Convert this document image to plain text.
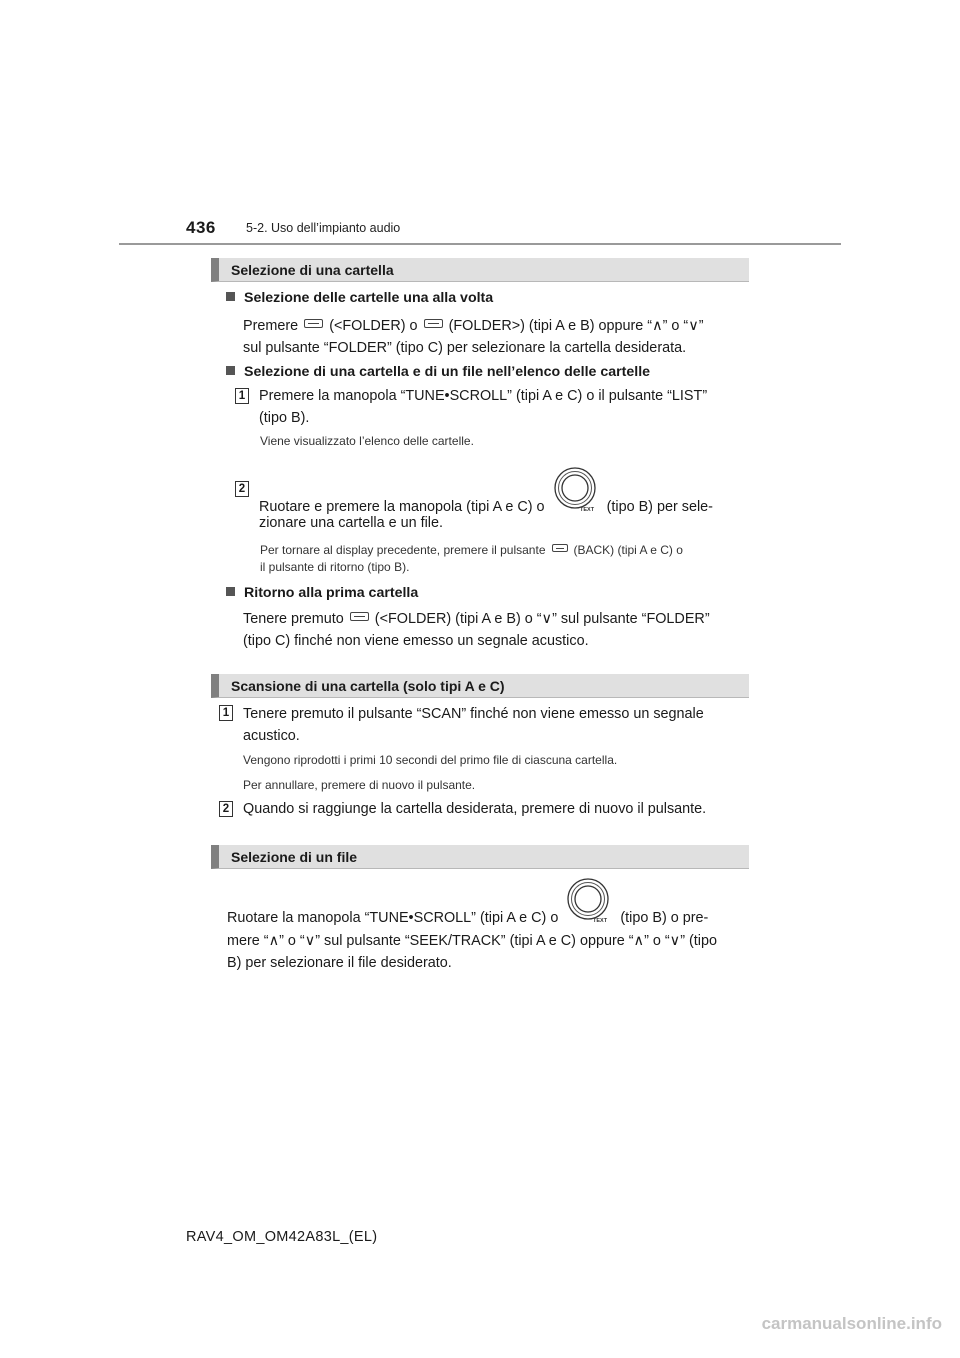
436 5-2. Uso dell’impianto audio
Selezione di una cartella
Selezione delle cartelle una alla volta
Premere (<FOLDER) o (FOLDER>) (tipi A e B) oppure “∧” o “∨”
sul pulsante “FOLDER” (tipo C) per selezionare la cartella desiderata.
Selezione di una cartella e di un file nell’elenco delle cartelle
1 Premere la manopola “TUNE•SCROLL” (tipi A e C) o il pulsante “LIST”
(tipo B).
Viene visualizzato l’elenco delle cartelle.
2
Ruotare e premere la manopola (tipi A e C) o	TEXT (tipo B) per sele-
zionare una cartella e un file.
Per tornare al display precedente, premere il pulsante (BACK) (tipi A e C) o
il pulsante di ritorno (tipo B).
Ritorno alla prima cartella
Tenere premuto (<FOLDER) (tipi A e B) o “∨” sul pulsante “FOLDER”
(tipo C) finché non viene emesso un segnale acustico.
Scansione di una cartella (solo tipi A e C)
1 Tenere premuto il pulsante “SCAN” finché non viene emesso un segnale
acustico.
Vengono riprodotti i primi 10 secondi del primo file di ciascuna cartella.
Per annullare, premere di nuovo il pulsante.
2 Quando si raggiunge la cartella desiderata, premere di nuovo il pulsante.
Selezione di un file
Ruotare la manopola “TUNE•SCROLL” (tipi A e C) o	TEXT (tipo B) o pre-
mere “∧” o “∨” sul pulsante “SEEK/TRACK” (tipi A e C) oppure “∧” o “∨” (tipo
B) per selezionare il file desiderato.
RAV4_OM_OM42A83L_(EL)
carmanualsonline.info
